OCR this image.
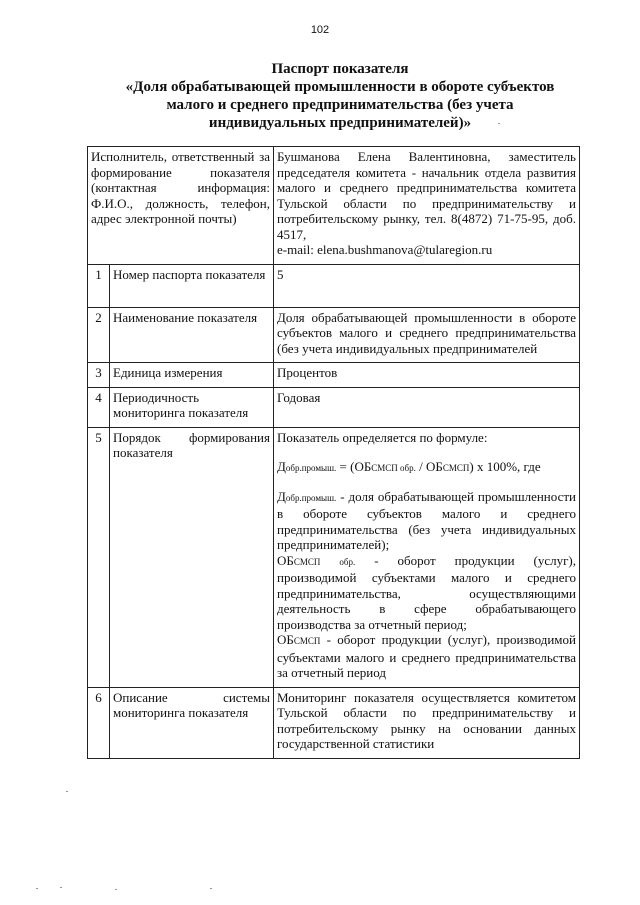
102
Паспорт показателя
«Доля обрабатывающей промышленности в обороте субъектов
малого и среднего предпринимательства (без учета
индивидуальных предпринимателей)»
Исполнитель, ответственный за формирование показателя (контактная информация: Ф.И.О., должность, телефон, адрес электронной почты)		Бушманова Елена Валентиновна, заместитель председателя комитета - начальник отдела развития малого и среднего предпринимательства комитета Тульской области по предпринимательству и потребительскому рынку, тел. 8(4872) 71-75-95, доб. 4517,
e-mail: elena.bushmanova@tularegion.ru

1	Номер паспорта показателя	5
2	Наименование показателя	Доля обрабатывающей промышленности в обороте субъектов малого и среднего предпринимательства (без учета индивидуальных предпринимателей
3	Единица измерения	Процентов
4	Периодичность мониторинга показателя	Годовая
5	Порядок формирования показателя	Показатель определяется по формуле:
Добр.промыш. = (ОБСМСП обр. / ОБСМСП) х 100%, где
Добр.промыш. - доля обрабатывающей промышленности в обороте субъектов малого и среднего предпринимательства (без учета индивидуальных предпринимателей);
ОБСМСП обр. - оборот продукции (услуг), производимой субъектами малого и среднего предпринимательства, осуществляющими деятельность в сфере обрабатывающего производства за отчетный период;
ОБСМСП - оборот продукции (услуг), производимой субъектами малого и среднего предпринимательства за отчетный период

6	Описание системы мониторинга показателя	Мониторинг показателя осуществляется комитетом Тульской области по предпринимательству и потребительскому рынку на основании данных государственной статистики
